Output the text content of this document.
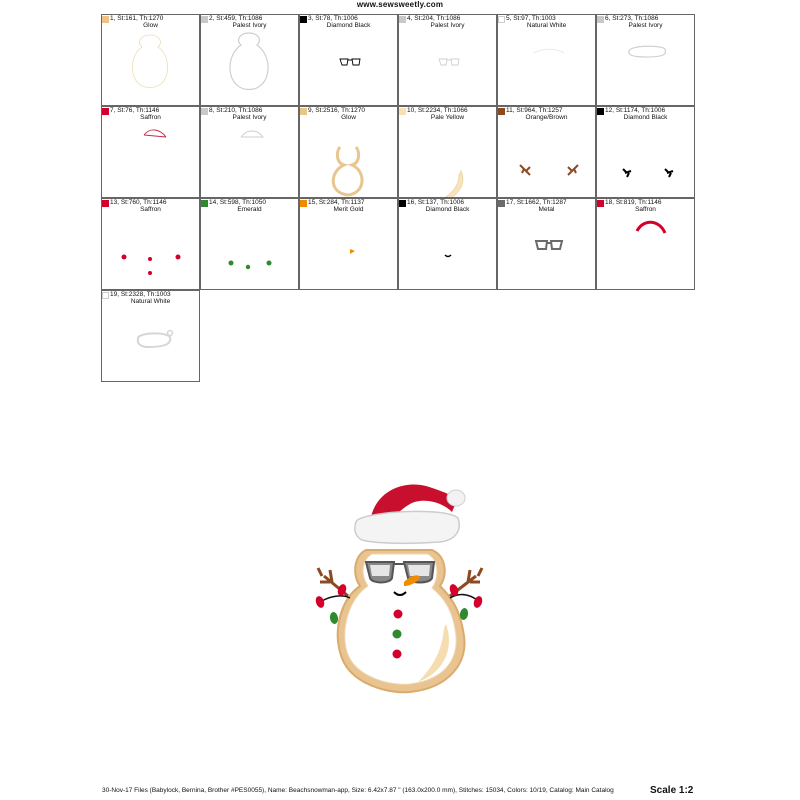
www.sewsweetly.com
1, St:161, Th:1270
Glow
2, St:459, Th:1086
Palest Ivory
3, St:78, Th:1006
Diamond Black
4, St:204, Th:1086
Palest Ivory
5, St:97, Th:1003
Natural White
6, St:273, Th:1086
Palest Ivory
7, St:76, Th:1146
Saffron
8, St:210, Th:1086
Palest Ivory
9, St:2516, Th:1270
Glow
10, St:2234, Th:1066
Pale Yellow
11, St:964, Th:1257
Orange/Brown
12, St:1174, Th:1006
Diamond Black
13, St:760, Th:1146
Saffron
14, St:598, Th:1050
Emerald
15, St:284, Th:1137
Merit Gold
16, St:137, Th:1006
Diamond Black
17, St:1662, Th:1287
Metal
18, St:819, Th:1146
Saffron
19, St:2328, Th:1003
Natural White
30-Nov-17 Files (Babylock, Bernina, Brother #PES0055), Name: Beachsnowman-app, Size: 6.42x7.87 " (163.0x200.0 mm), Stitches: 15034, Colors: 10/19, Catalog: Main Catalog	Scale 1:2
